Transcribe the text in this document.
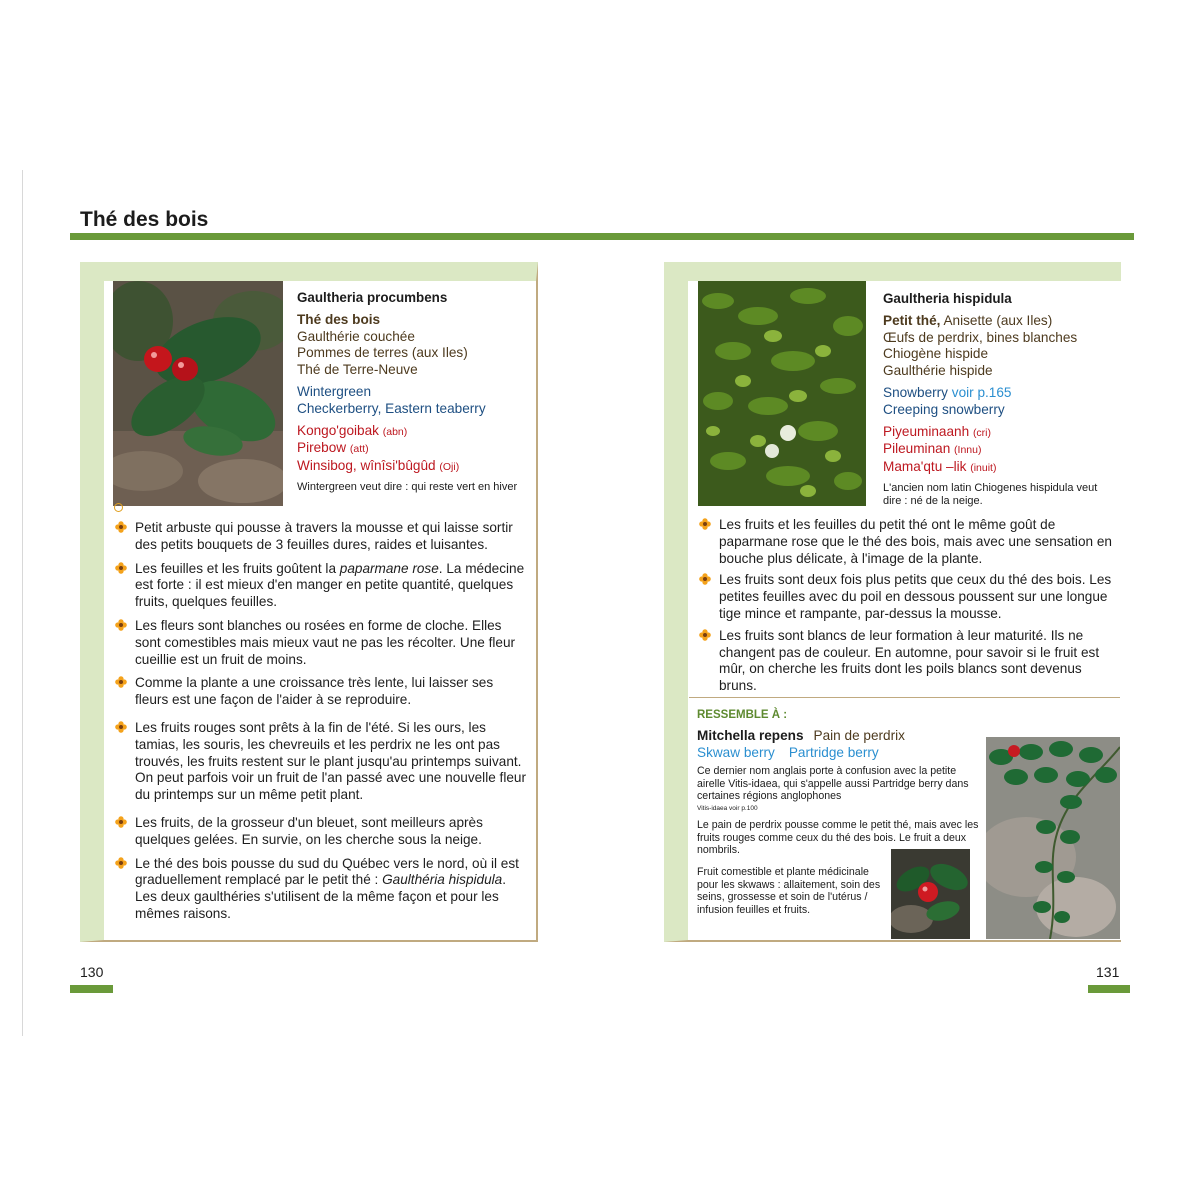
Thé des bois
Gaultheria procumbens
Thé des bois
Gaulthérie couchée
Pommes de terres (aux Iles)
Thé de Terre-Neuve
Wintergreen
Checkerberry, Eastern teaberry
Kongo'goibak (abn)
Pirebow (att)
Winsibog, wînîsi'bûgûd (Oji)
Wintergreen veut dire : qui reste vert en hiver
Petit arbuste qui pousse à travers la mousse et qui laisse sortir des petits bouquets de 3 feuilles dures, raides et luisantes.
Les feuilles et les fruits goûtent la paparmane rose. La médecine est forte : il est mieux d'en manger en petite quantité, quelques fruits, quelques feuilles.
Les fleurs sont blanches ou rosées en forme de cloche. Elles sont comestibles mais mieux vaut ne pas les récolter. Une fleur cueillie est un fruit de moins.
Comme la plante a une croissance très lente, lui laisser ses fleurs est une façon de l'aider à se reproduire.
Les fruits rouges sont prêts à la fin de l'été. Si les ours, les tamias, les souris, les chevreuils et les perdrix ne les ont pas trouvés, les fruits restent sur le plant jusqu'au printemps suivant. On peut parfois voir un fruit de l'an passé avec une nouvelle fleur du printemps sur un même petit plant.
Les fruits, de la grosseur d'un bleuet, sont meilleurs après quelques gelées. En survie, on les cherche sous la neige.
Le thé des bois pousse du sud du Québec vers le nord, où il est graduellement remplacé par le petit thé : Gaulthéria hispidula. Les deux gaulthéries s'utilisent de la même façon et pour les mêmes raisons.
130
Gaultheria hispidula
Petit thé, Anisette (aux Iles)
Œufs de perdrix, bines blanches
Chiogène hispide
Gaulthérie hispide
Snowberry voir p.165
Creeping snowberry
Piyeuminaanh (cri)
Pileuminan (Innu)
Mama'qtu –lik (inuit)
L'ancien nom latin Chiogenes hispidula veut dire : né de la neige.
Les fruits et les feuilles du petit thé ont le même goût de paparmane rose que le thé des bois, mais avec une sensation en bouche plus délicate, à l'image de la plante.
Les fruits sont deux fois plus petits que ceux du thé des bois. Les petites feuilles avec du poil en dessous poussent sur une longue tige mince et rampante, par-dessus la mousse.
Les fruits sont blancs de leur formation à leur maturité. Ils ne changent pas de couleur. En automne, pour savoir si le fruit est mûr, on cherche les fruits dont les poils blancs sont devenus bruns.
RESSEMBLE À :
Mitchella repens Pain de perdrix
Skwaw berry Partridge berry
Ce dernier nom anglais porte à confusion avec la petite airelle Vitis-idaea, qui s'appelle aussi Partridge berry dans certaines régions anglophones
Vitis-idaea voir p.100
Le pain de perdrix pousse comme le petit thé, mais avec les fruits rouges comme ceux du thé des bois. Le fruit a deux nombrils.
Fruit comestible et plante médicinale pour les skwaws : allaitement, soin des seins, grossesse et soin de l'utérus / infusion feuilles et fruits.
131
